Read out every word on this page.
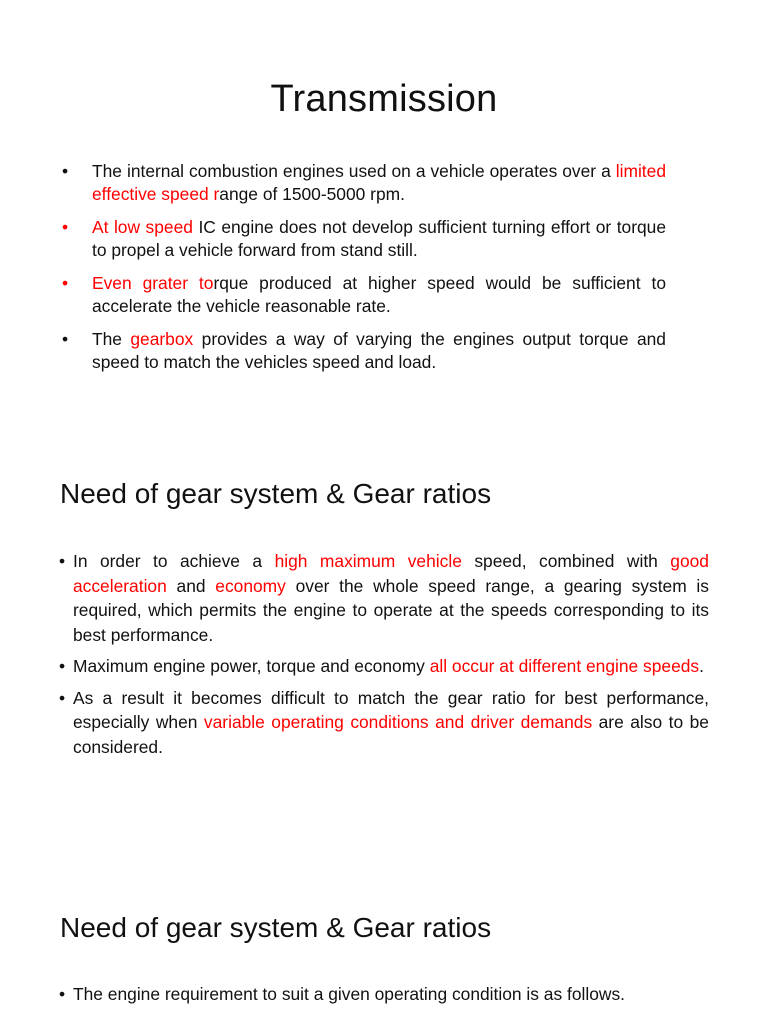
Transmission
• The internal combustion engines used on a vehicle operates over a limited effective speed range of 1500-5000 rpm.
• At low speed IC engine does not develop sufficient turning effort or torque to propel a vehicle forward from stand still.
• Even grater torque produced at higher speed would be sufficient to accelerate the vehicle reasonable rate.
• The gearbox provides a way of varying the engines output torque and speed to match the vehicles speed and load.
Need of gear system & Gear ratios
• In order to achieve a high maximum vehicle speed, combined with good acceleration and economy over the whole speed range, a gearing system is required, which permits the engine to operate at the speeds corresponding to its best performance.
• Maximum engine power, torque and economy all occur at different engine speeds.
• As a result it becomes difficult to match the gear ratio for best performance, especially when variable operating conditions and driver demands are also to be considered.
Need of gear system & Gear ratios
• The engine requirement to suit a given operating condition is as follows.
